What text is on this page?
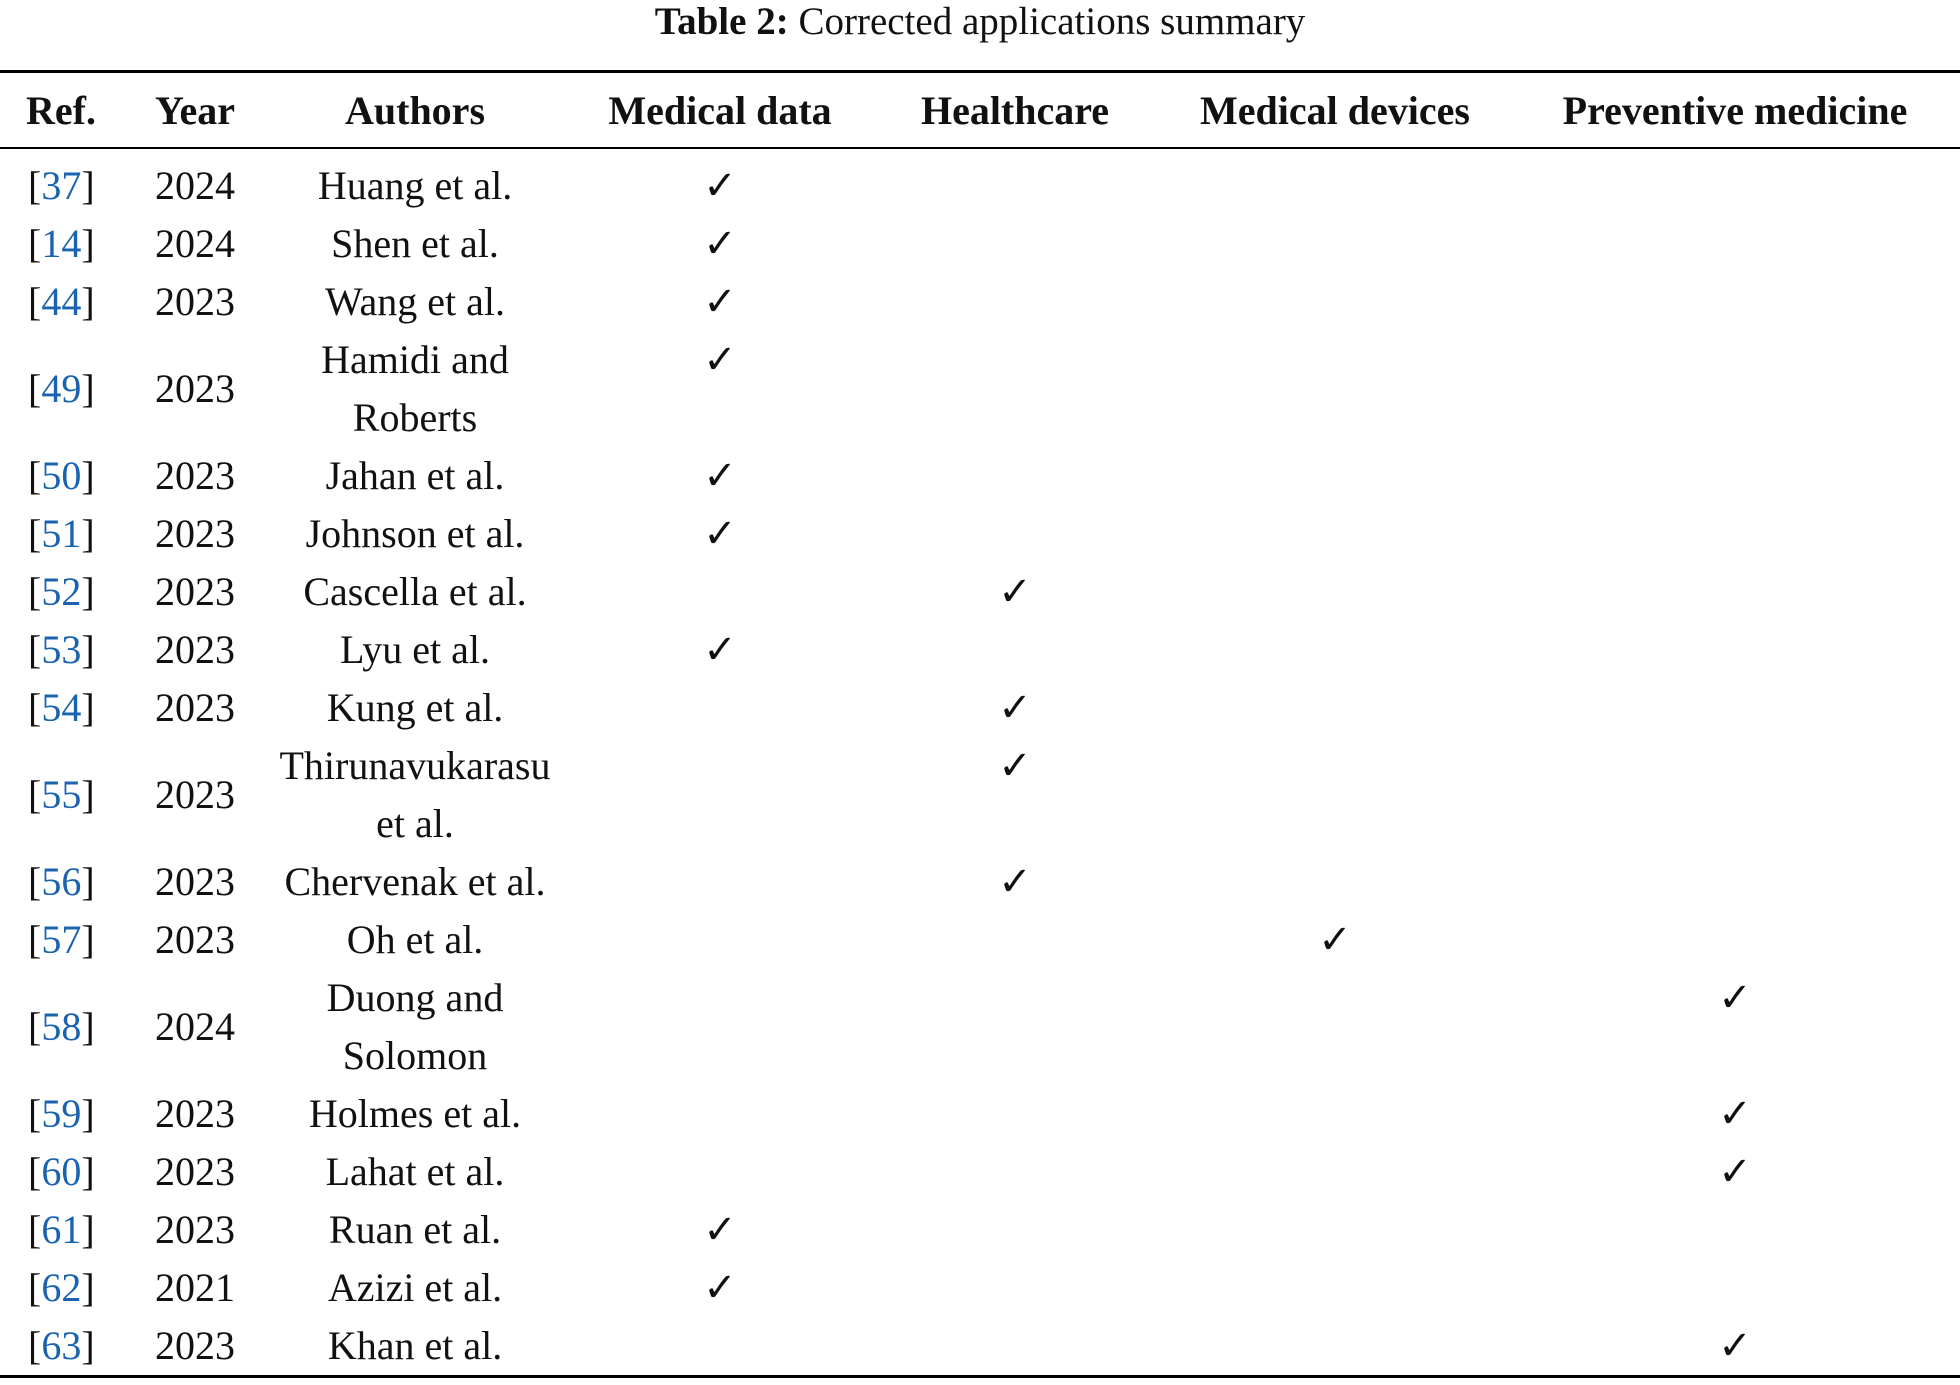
Table 2: Corrected applications summary
Ref.	Year	Authors	Medical data	Healthcare	Medical devices	Preventive medicine
[37]	2024	Huang et al.	✓			
[14]	2024	Shen et al.	✓			
[44]	2023	Wang et al.	✓			
[49]	2023	Hamidi and
Roberts	✓			
[50]	2023	Jahan et al.	✓			
[51]	2023	Johnson et al.	✓			
[52]	2023	Cascella et al.		✓		
[53]	2023	Lyu et al.	✓			
[54]	2023	Kung et al.		✓		
[55]	2023	Thirunavukarasu
et al.		✓		
[56]	2023	Chervenak et al.		✓		
[57]	2023	Oh et al.			✓	
[58]	2024	Duong and
Solomon				✓
[59]	2023	Holmes et al.				✓
[60]	2023	Lahat et al.				✓
[61]	2023	Ruan et al.	✓			
[62]	2021	Azizi et al.	✓			
[63]	2023	Khan et al.				✓
